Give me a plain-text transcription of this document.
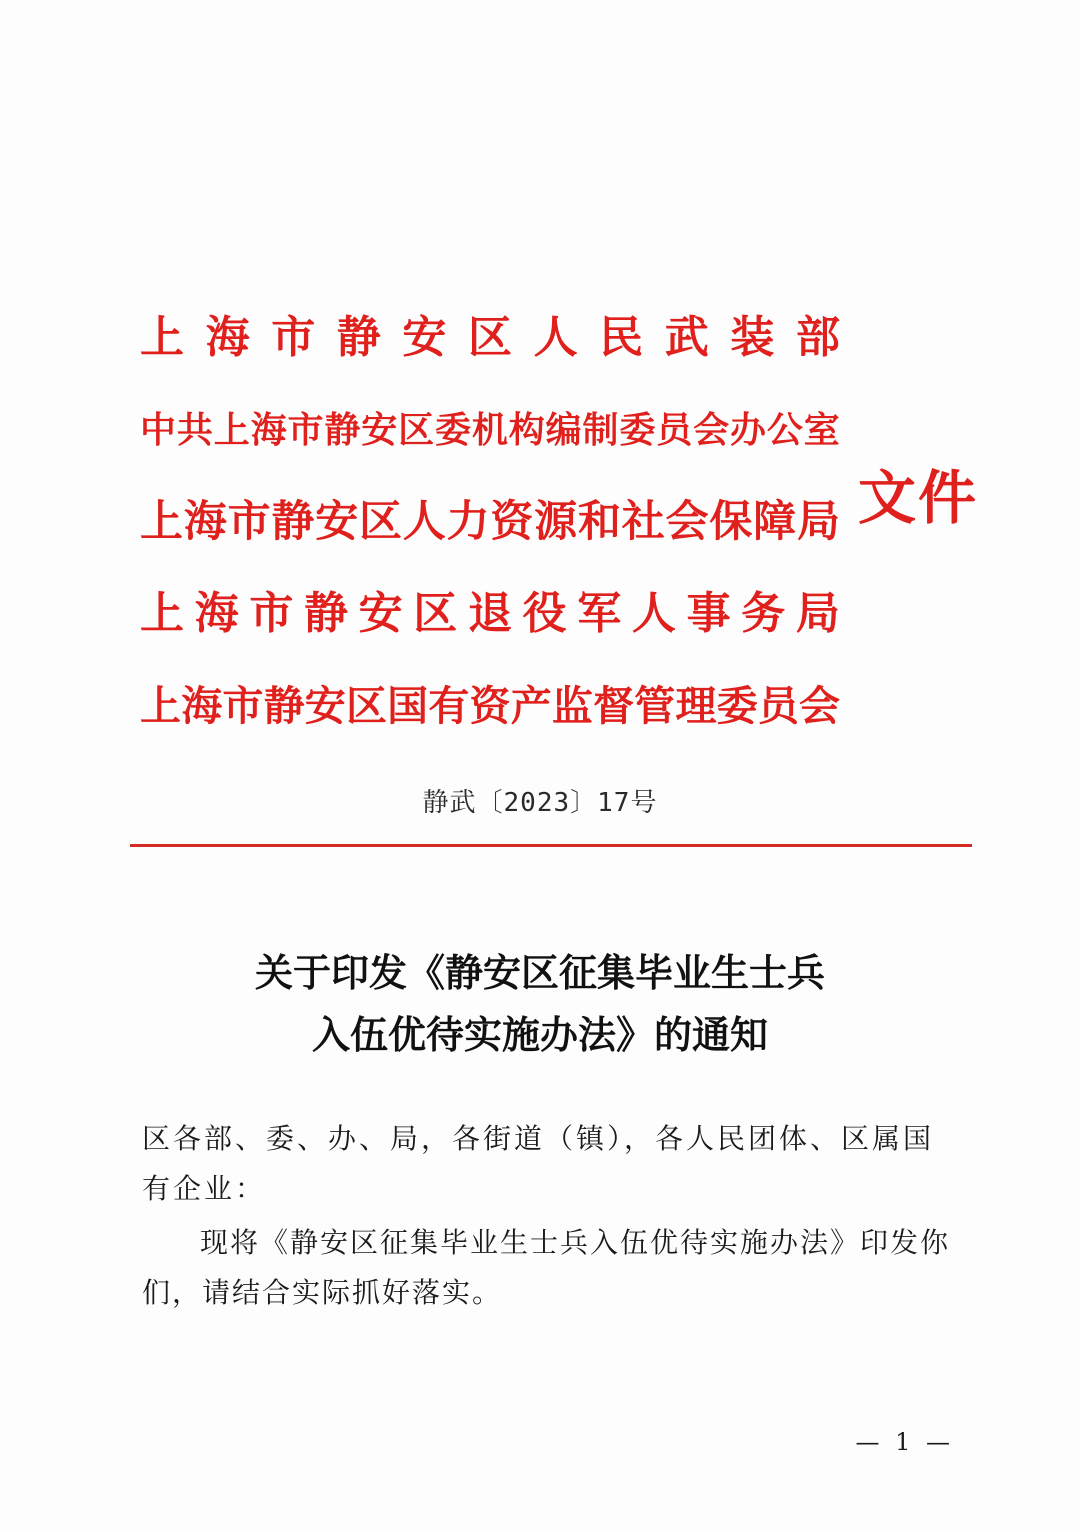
上 海 市 静 安 区 人 民 武 装 部
中 共 上 海 市 静 安 区 委 机 构 编 制 委 员 会 办 公 室
上 海 市 静 安 区 人 力 资 源 和 社 会 保 障 局
上 海 市 静 安 区 退 役 军 人 事 务 局
上 海 市 静 安 区 国 有 资 产 监 督 管 理 委 员 会
文件
静武〔2023〕17号
关于印发《静安区征集毕业生士兵
入伍优待实施办法》的通知
区各部、委、办、局，各街道（镇），各人民团体、区属国有企业：
现将《静安区征集毕业生士兵入伍优待实施办法》印发你们，请结合实际抓好落实。
— 1 —
